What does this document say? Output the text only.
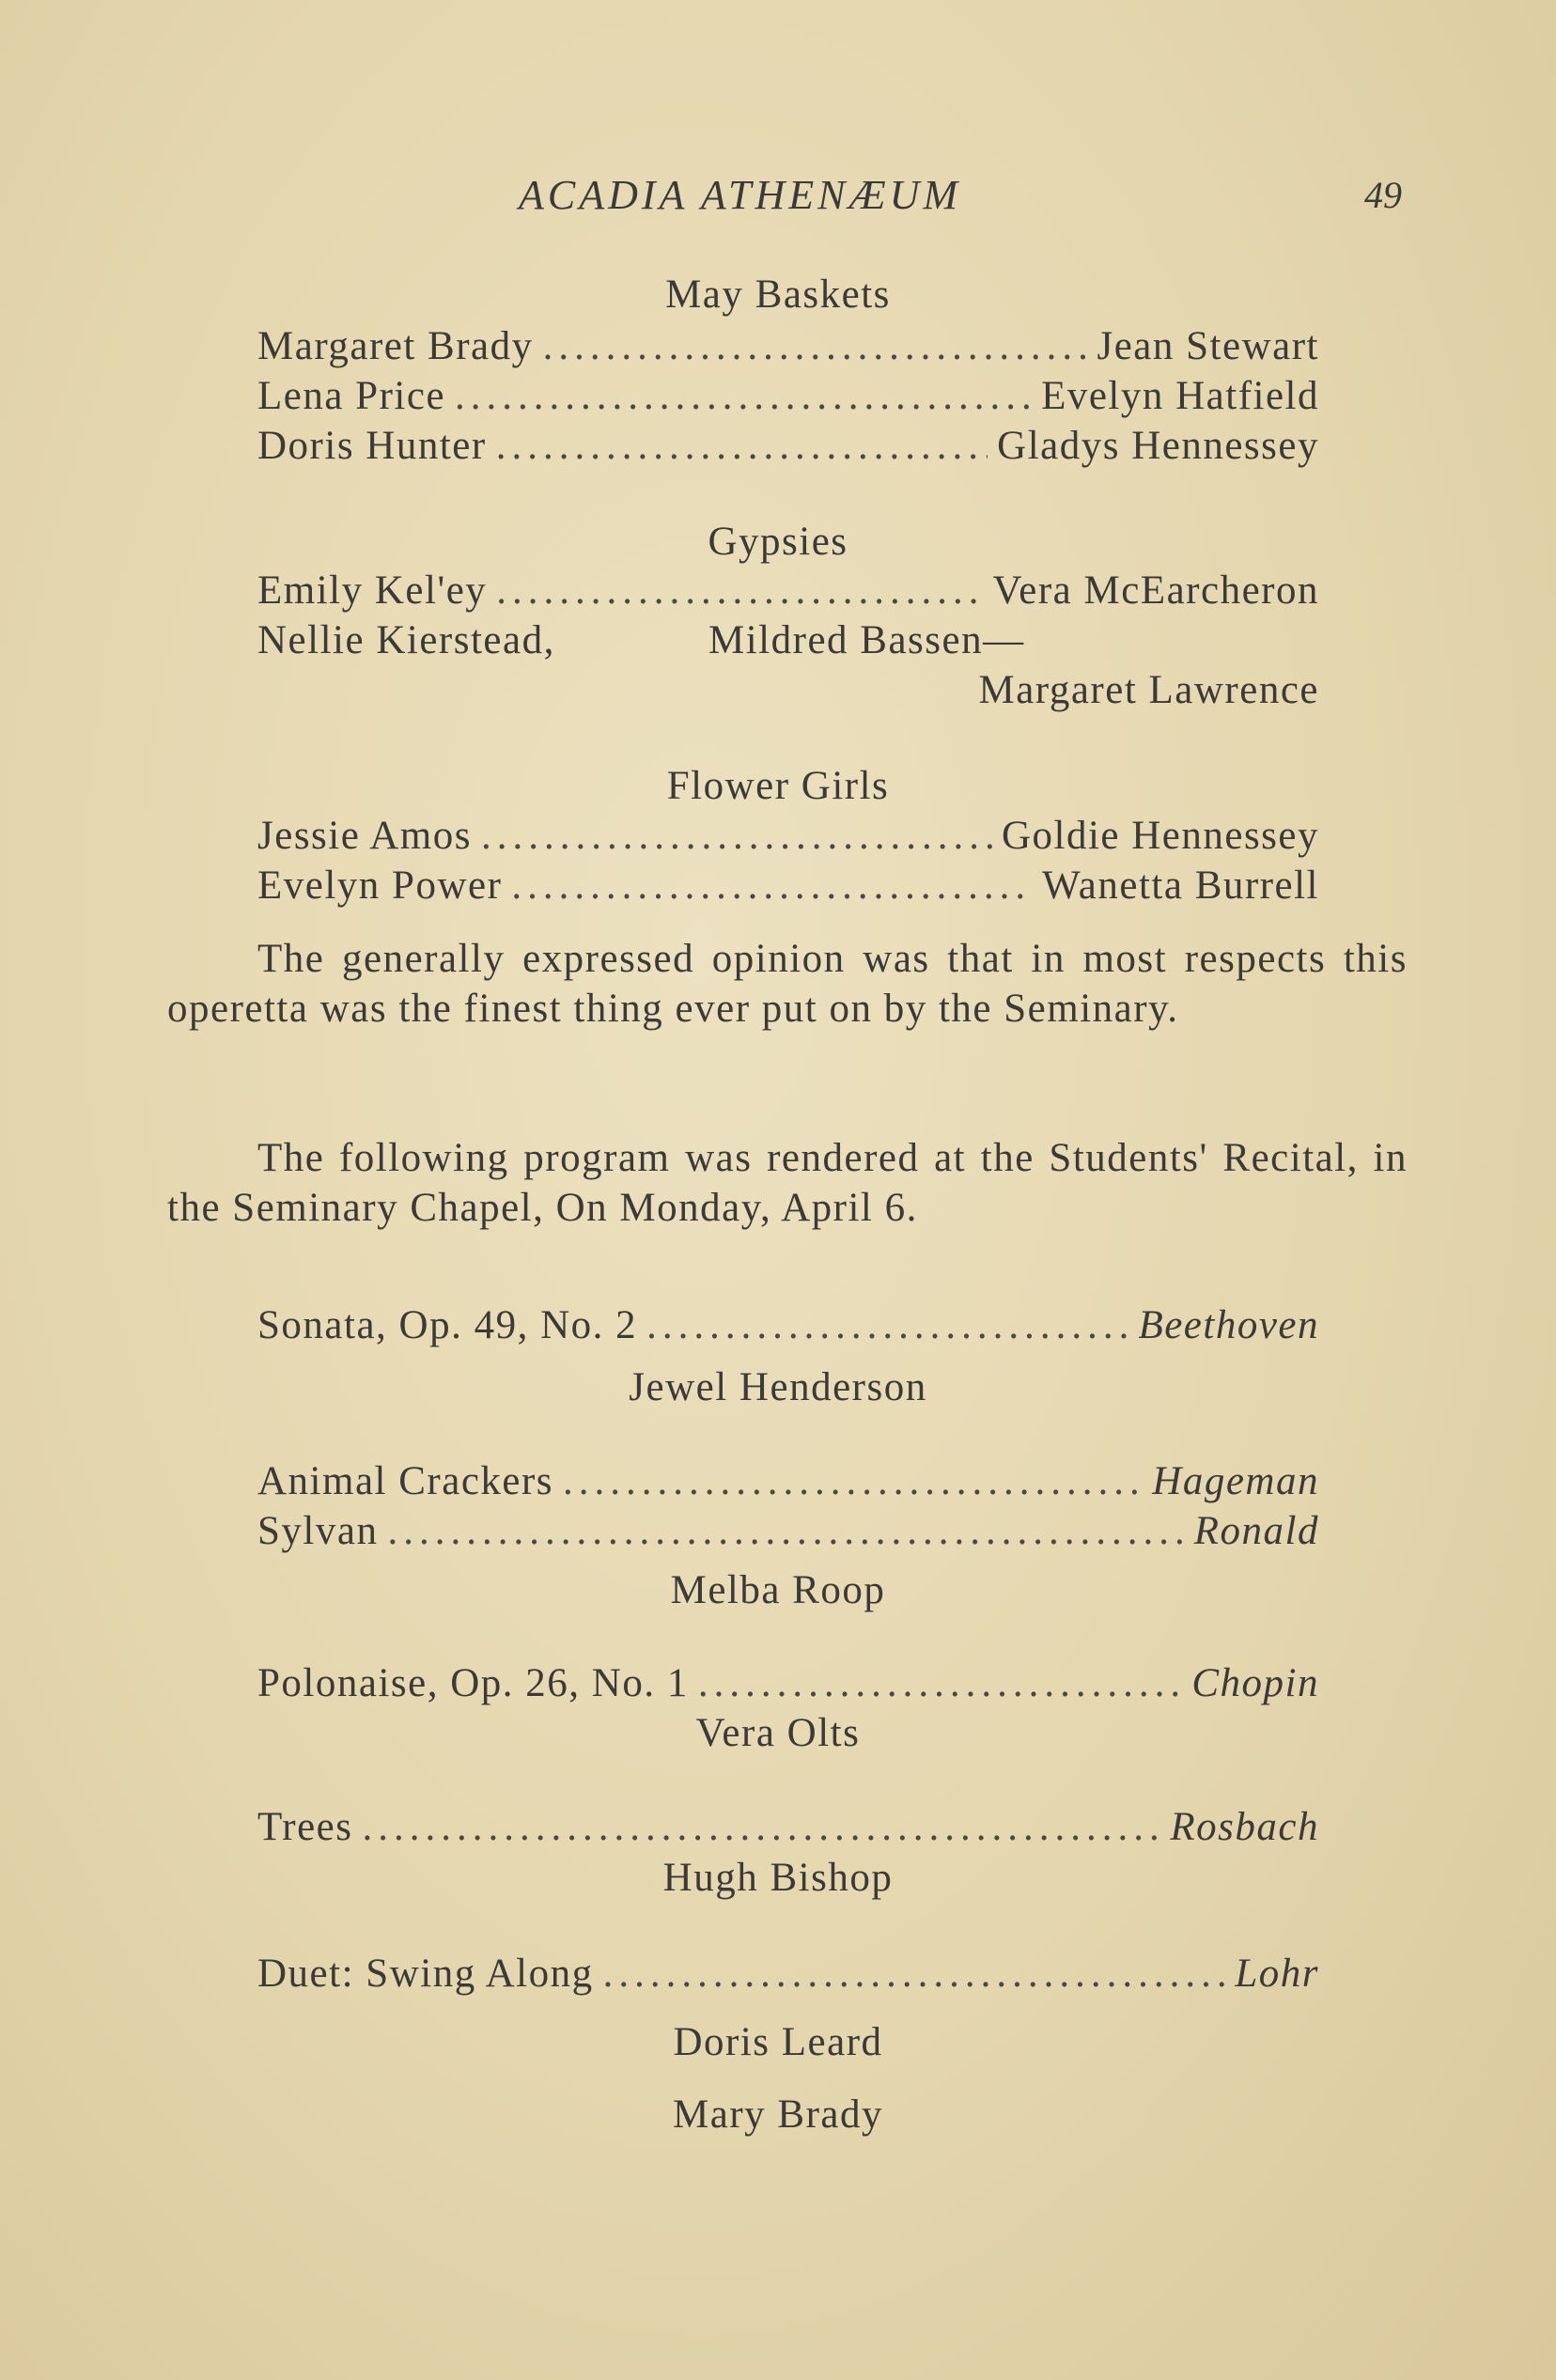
ACADIA ATHENÆUM	49
May Baskets
Margaret Brady .....	Jean Stewart
Lena Price .....	Evelyn Hatfield
Doris Hunter .....	Gladys Hennessey
Gypsies
Emily Kel'ey .....	Vera McEarcheron
Nellie Kierstead,	Mildred Bassen—
Margaret Lawrence
Flower Girls
Jessie Amos .....	Goldie Hennessey
Evelyn Power .....	Wanetta Burrell

The generally expressed opinion was that in most respects this operetta was the finest thing ever put on by the Seminary.

The following program was rendered at the Students' Recital, in the Seminary Chapel, On Monday, April 6.

Sonata, Op. 49, No. 2 .....	Beethoven
Jewel Henderson
Animal Crackers .....	Hageman
Sylvan .....	Ronald
Melba Roop
Polonaise, Op. 26, No. 1 .....	Chopin
Vera Olts
Trees .....	Rosbach
Hugh Bishop
Duet: Swing Along .....	Lohr
Doris Leard
Mary Brady
